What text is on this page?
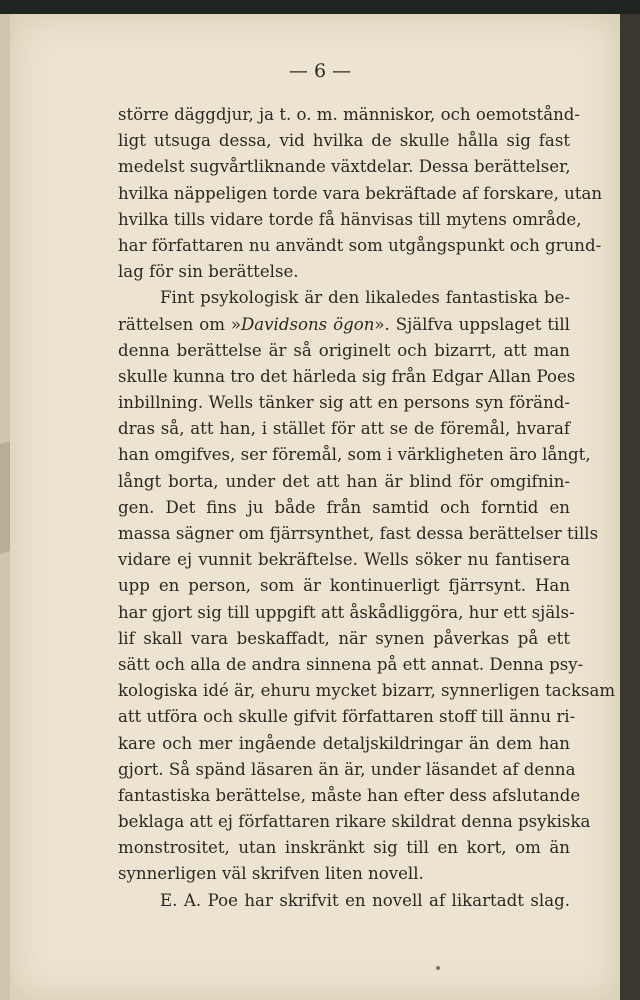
— 6 —
större däggdjur, ja t. o. m. människor, och oemotstånd-
ligt utsuga dessa, vid hvilka de skulle hålla sig fast
medelst sugvårtliknande växtdelar. Dessa berättelser,
hvilka näppeligen torde vara bekräftade af forskare, utan
hvilka tills vidare torde få hänvisas till mytens område,
har författaren nu användt som utgångspunkt och grund-
lag för sin berättelse.
Fint psykologisk är den likaledes fantastiska be-
rättelsen om »Davidsons ögon». Själfva uppslaget till
denna berättelse är så originelt och bizarrt, att man
skulle kunna tro det härleda sig från Edgar Allan Poes
inbillning. Wells tänker sig att en persons syn föränd-
dras så, att han, i stället för att se de föremål, hvaraf
han omgifves, ser föremål, som i värkligheten äro långt,
långt borta, under det att han är blind för omgifnin-
gen. Det fins ju både från samtid och forntid en
massa sägner om fjärrsynthet, fast dessa berättelser tills
vidare ej vunnit bekräftelse. Wells söker nu fantisera
upp en person, som är kontinuerligt fjärrsynt. Han
har gjort sig till uppgift att åskådliggöra, hur ett själs-
lif skall vara beskaffadt, när synen påverkas på ett
sätt och alla de andra sinnena på ett annat. Denna psy-
kologiska idé är, ehuru mycket bizarr, synnerligen tacksam
att utföra och skulle gifvit författaren stoff till ännu ri-
kare och mer ingående detaljskildringar än dem han
gjort. Så spänd läsaren än är, under läsandet af denna
fantastiska berättelse, måste han efter dess afslutande
beklaga att ej författaren rikare skildrat denna psykiska
monstrositet, utan inskränkt sig till en kort, om än
synnerligen väl skrifven liten novell.
E. A. Poe har skrifvit en novell af likartadt slag.
